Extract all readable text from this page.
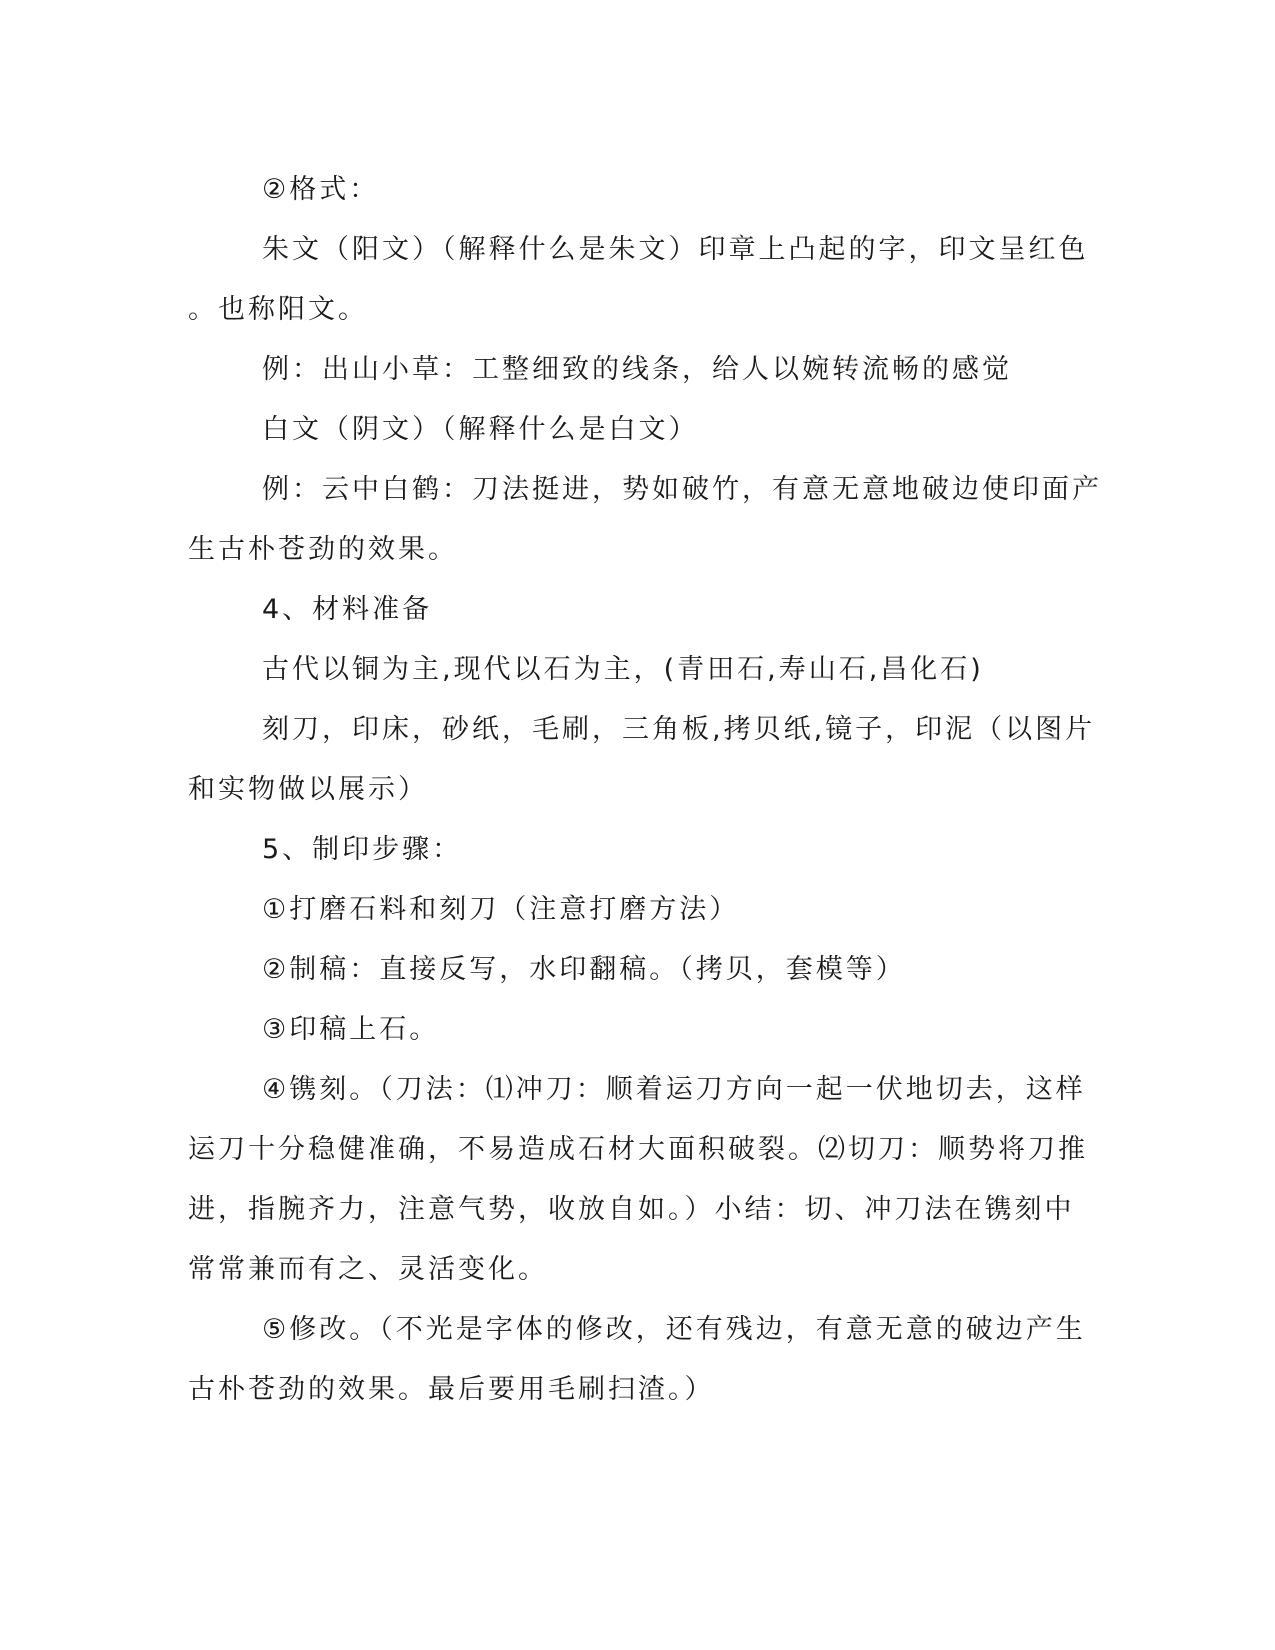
②格式：
朱文（阳文）（解释什么是朱文）印章上凸起的字，印文呈红色
。也称阳文。
例：出山小草：工整细致的线条，给人以婉转流畅的感觉
白文（阴文）（解释什么是白文）
例：云中白鹤：刀法挺进，势如破竹，有意无意地破边使印面产
生古朴苍劲的效果。
4、材料准备
古代以铜为主,现代以石为主，(青田石,寿山石,昌化石)
刻刀，印床，砂纸，毛刷，三角板,拷贝纸,镜子，印泥（以图片
和实物做以展示）
5、制印步骤：
①打磨石料和刻刀（注意打磨方法）
②制稿：直接反写，水印翻稿。（拷贝，套模等）
③印稿上石。
④镌刻。（刀法：⑴冲刀：顺着运刀方向一起一伏地切去，这样
运刀十分稳健准确，不易造成石材大面积破裂。⑵切刀：顺势将刀推
进，指腕齐力，注意气势，收放自如。）小结：切、冲刀法在镌刻中
常常兼而有之、灵活变化。
⑤修改。（不光是字体的修改，还有残边，有意无意的破边产生
古朴苍劲的效果。最后要用毛刷扫渣。）
